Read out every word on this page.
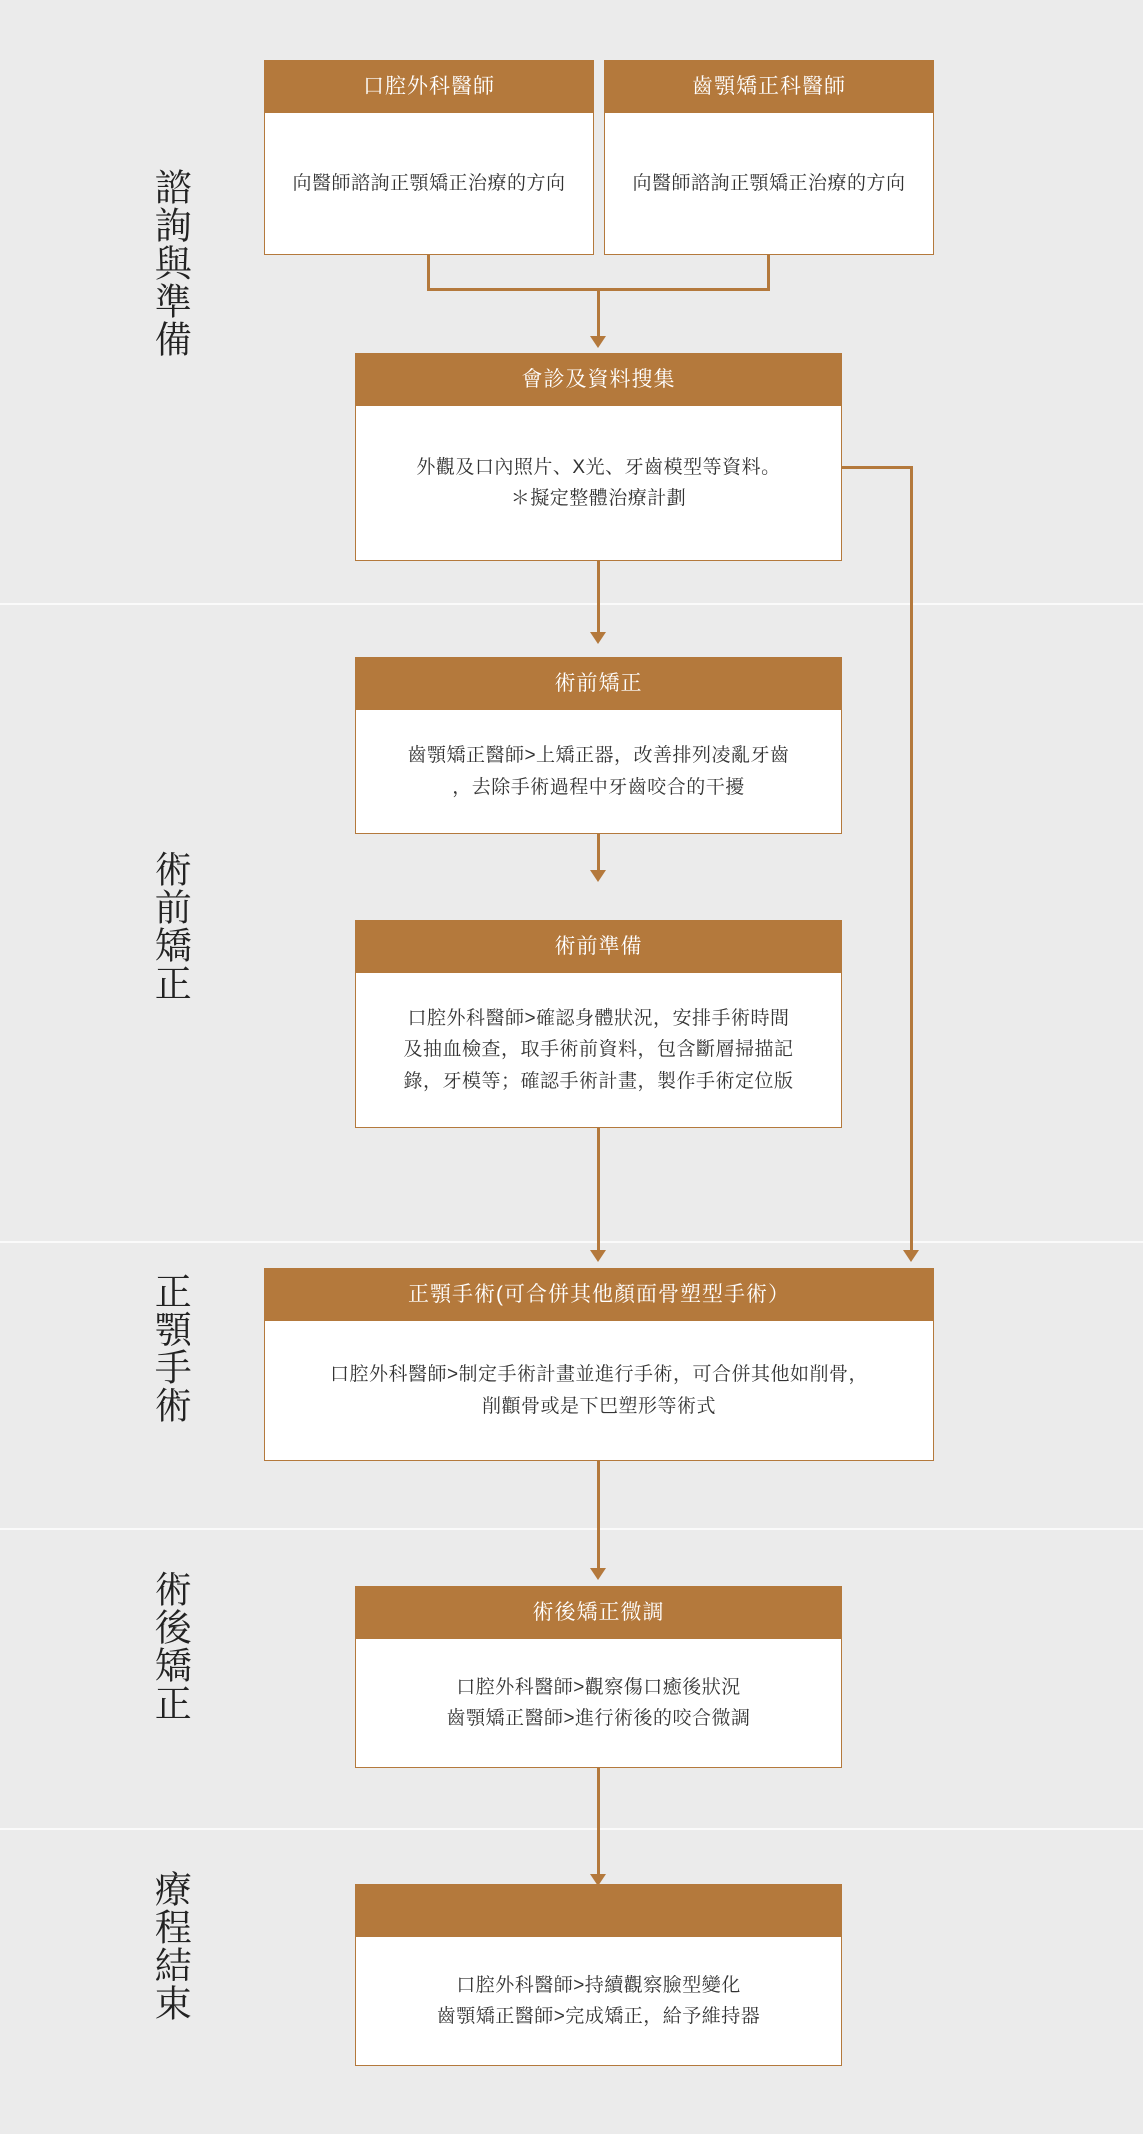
諮詢與準備
術前矯正
正顎手術
術後矯正
療程結束
口腔外科醫師
向醫師諮詢正顎矯正治療的方向
齒顎矯正科醫師
向醫師諮詢正顎矯正治療的方向
會診及資料搜集
外觀及口內照片、X光、牙齒模型等資料。
＊擬定整體治療計劃
術前矯正
齒顎矯正醫師>上矯正器，改善排列凌亂牙齒
，去除手術過程中牙齒咬合的干擾
術前準備
口腔外科醫師>確認身體狀況，安排手術時間
及抽血檢查，取手術前資料，包含斷層掃描記
錄，牙模等；確認手術計畫，製作手術定位版
正顎手術(可合併其他顏面骨塑型手術）
口腔外科醫師>制定手術計畫並進行手術，可合併其他如削骨，
削顴骨或是下巴塑形等術式
術後矯正微調
口腔外科醫師>觀察傷口癒後狀況
齒顎矯正醫師>進行術後的咬合微調
口腔外科醫師>持續觀察臉型變化
齒顎矯正醫師>完成矯正，給予維持器
